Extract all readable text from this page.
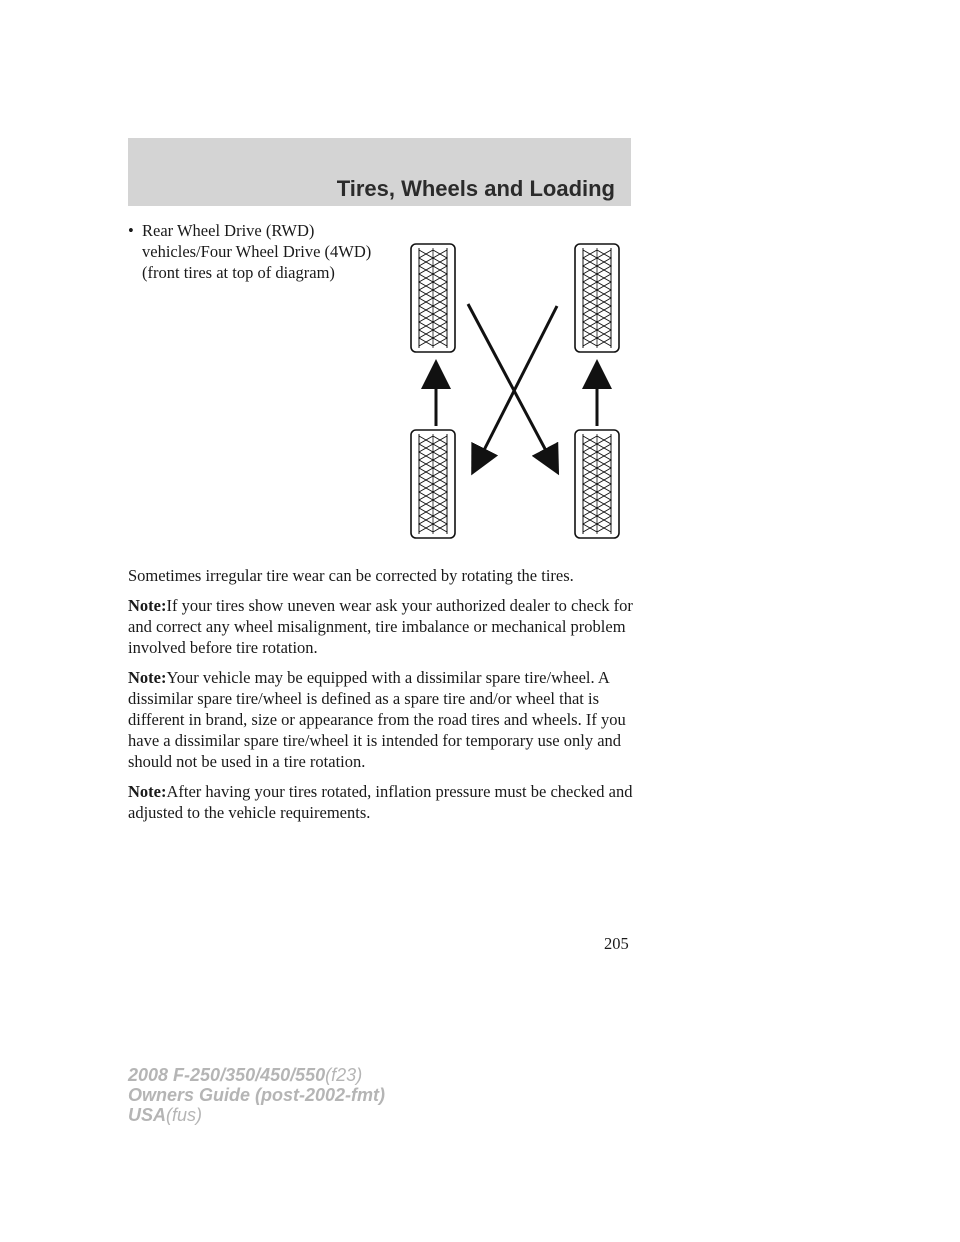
Tires, Wheels and Loading
• Rear Wheel Drive (RWD)
vehicles/Four Wheel Drive (4WD)
(front tires at top of diagram)

Sometimes irregular tire wear can be corrected by rotating the tires.

Note:If your tires show uneven wear ask your authorized dealer to check for and correct any wheel misalignment, tire imbalance or mechanical problem involved before tire rotation.

Note:Your vehicle may be equipped with a dissimilar spare tire/wheel. A dissimilar spare tire/wheel is defined as a spare tire and/or wheel that is different in brand, size or appearance from the road tires and wheels. If you have a dissimilar spare tire/wheel it is intended for temporary use only and should not be used in a tire rotation.

Note:After having your tires rotated, inflation pressure must be checked and adjusted to the vehicle requirements.

205
2008 F-250/350/450/550(f23)
Owners Guide (post-2002-fmt)
USA(fus)
